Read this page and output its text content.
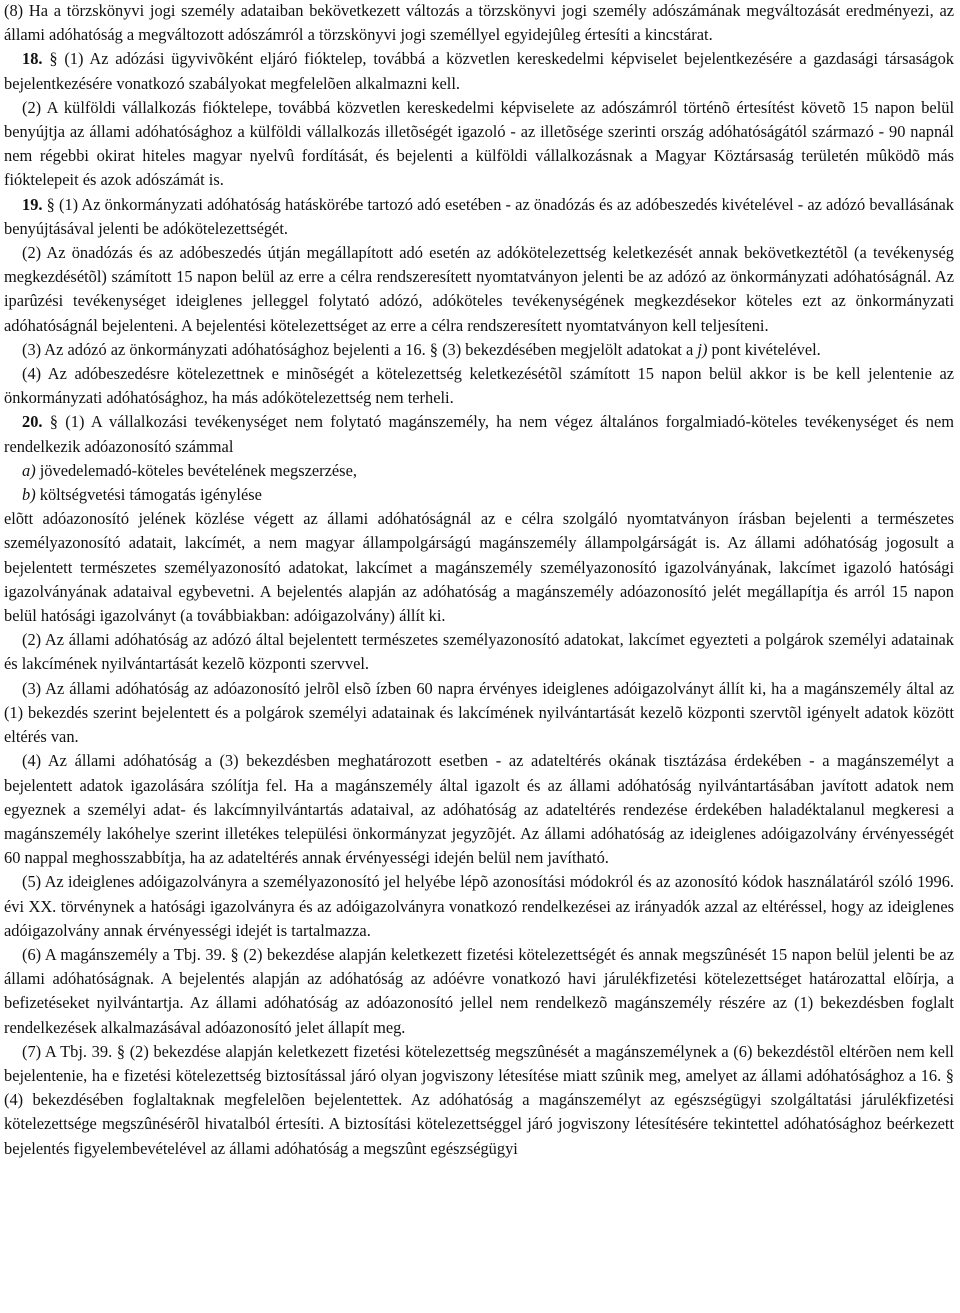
(8) Ha a törzskönyvi jogi személy adataiban bekövetkezett változás a törzskönyvi jogi személy adószámának megváltozását eredményezi, az állami adóhatóság a megváltozott adószámról a törzskönyvi jogi személlyel egyidejûleg értesíti a kincstárat.

18. § (1) Az adózási ügyvivõként eljáró fióktelep, továbbá a közvetlen kereskedelmi képviselet bejelentkezésére a gazdasági társaságok bejelentkezésére vonatkozó szabályokat megfelelõen alkalmazni kell.

(2) A külföldi vállalkozás fióktelepe, továbbá közvetlen kereskedelmi képviselete az adószámról történõ értesítést követõ 15 napon belül benyújtja az állami adóhatósághoz a külföldi vállalkozás illetõségét igazoló - az illetõsége szerinti ország adóhatóságától származó - 90 napnál nem régebbi okirat hiteles magyar nyelvû fordítását, és bejelenti a külföldi vállalkozásnak a Magyar Köztársaság területén mûködõ más fióktelepeit és azok adószámát is.

19. § (1) Az önkormányzati adóhatóság hatáskörébe tartozó adó esetében - az önadózás és az adóbeszedés kivételével - az adózó bevallásának benyújtásával jelenti be adókötelezettségét.

(2) Az önadózás és az adóbeszedés útján megállapított adó esetén az adókötelezettség keletkezését annak bekövetkeztétõl (a tevékenység megkezdésétõl) számított 15 napon belül az erre a célra rendszeresített nyomtatványon jelenti be az adózó az önkormányzati adóhatóságnál. Az iparûzési tevékenységet ideiglenes jelleggel folytató adózó, adóköteles tevékenységének megkezdésekor köteles ezt az önkormányzati adóhatóságnál bejelenteni. A bejelentési kötelezettséget az erre a célra rendszeresített nyomtatványon kell teljesíteni.

(3) Az adózó az önkormányzati adóhatósághoz bejelenti a 16. § (3) bekezdésében megjelölt adatokat a j) pont kivételével.

(4) Az adóbeszedésre kötelezettnek e minõségét a kötelezettség keletkezésétõl számított 15 napon belül akkor is be kell jelentenie az önkormányzati adóhatósághoz, ha más adókötelezettség nem terheli.

20. § (1) A vállalkozási tevékenységet nem folytató magánszemély, ha nem végez általános forgalmiadó-köteles tevékenységet és nem rendelkezik adóazonosító számmal

a) jövedelemadó-köteles bevételének megszerzése,

b) költségvetési támogatás igénylése

elõtt adóazonosító jelének közlése végett az állami adóhatóságnál az e célra szolgáló nyomtatványon írásban bejelenti a természetes személyazonosító adatait, lakcímét, a nem magyar állampolgárságú magánszemély állampolgárságát is. Az állami adóhatóság jogosult a bejelentett természetes személyazonosító adatokat, lakcímet a magánszemély személyazonosító igazolványának, lakcímet igazoló hatósági igazolványának adataival egybevetni. A bejelentés alapján az adóhatóság a magánszemély adóazonosító jelét megállapítja és arról 15 napon belül hatósági igazolványt (a továbbiakban: adóigazolvány) állít ki.

(2) Az állami adóhatóság az adózó által bejelentett természetes személyazonosító adatokat, lakcímet egyezteti a polgárok személyi adatainak és lakcímének nyilvántartását kezelõ központi szervvel.

(3) Az állami adóhatóság az adóazonosító jelrõl elsõ ízben 60 napra érvényes ideiglenes adóigazolványt állít ki, ha a magánszemély által az (1) bekezdés szerint bejelentett és a polgárok személyi adatainak és lakcímének nyilvántartását kezelõ központi szervtõl igényelt adatok között eltérés van.

(4) Az állami adóhatóság a (3) bekezdésben meghatározott esetben - az adateltérés okának tisztázása érdekében - a magánszemélyt a bejelentett adatok igazolására szólítja fel. Ha a magánszemély által igazolt és az állami adóhatóság nyilvántartásában javított adatok nem egyeznek a személyi adat- és lakcímnyilvántartás adataival, az adóhatóság az adateltérés rendezése érdekében haladéktalanul megkeresi a magánszemély lakóhelye szerint illetékes települési önkormányzat jegyzõjét. Az állami adóhatóság az ideiglenes adóigazolvány érvényességét 60 nappal meghosszabbítja, ha az adateltérés annak érvényességi idején belül nem javítható.

(5) Az ideiglenes adóigazolványra a személyazonosító jel helyébe lépõ azonosítási módokról és az azonosító kódok használatáról szóló 1996. évi XX. törvénynek a hatósági igazolványra és az adóigazolványra vonatkozó rendelkezései az irányadók azzal az eltéréssel, hogy az ideiglenes adóigazolvány annak érvényességi idejét is tartalmazza.

(6) A magánszemély a Tbj. 39. § (2) bekezdése alapján keletkezett fizetési kötelezettségét és annak megszûnését 15 napon belül jelenti be az állami adóhatóságnak. A bejelentés alapján az adóhatóság az adóévre vonatkozó havi járulékfizetési kötelezettséget határozattal elõírja, a befizetéseket nyilvántartja. Az állami adóhatóság az adóazonosító jellel nem rendelkezõ magánszemély részére az (1) bekezdésben foglalt rendelkezések alkalmazásával adóazonosító jelet állapít meg.

(7) A Tbj. 39. § (2) bekezdése alapján keletkezett fizetési kötelezettség megszûnését a magánszemélynek a (6) bekezdéstõl eltérõen nem kell bejelentenie, ha e fizetési kötelezettség biztosítással járó olyan jogviszony létesítése miatt szûnik meg, amelyet az állami adóhatósághoz a 16. § (4) bekezdésében foglaltaknak megfelelõen bejelentettek. Az adóhatóság a magánszemélyt az egészségügyi szolgáltatási járulékfizetési kötelezettsége megszûnésérõl hivatalból értesíti. A biztosítási kötelezettséggel járó jogviszony létesítésére tekintettel adóhatósághoz beérkezett bejelentés figyelembevételével az állami adóhatóság a megszûnt egészségügyi
